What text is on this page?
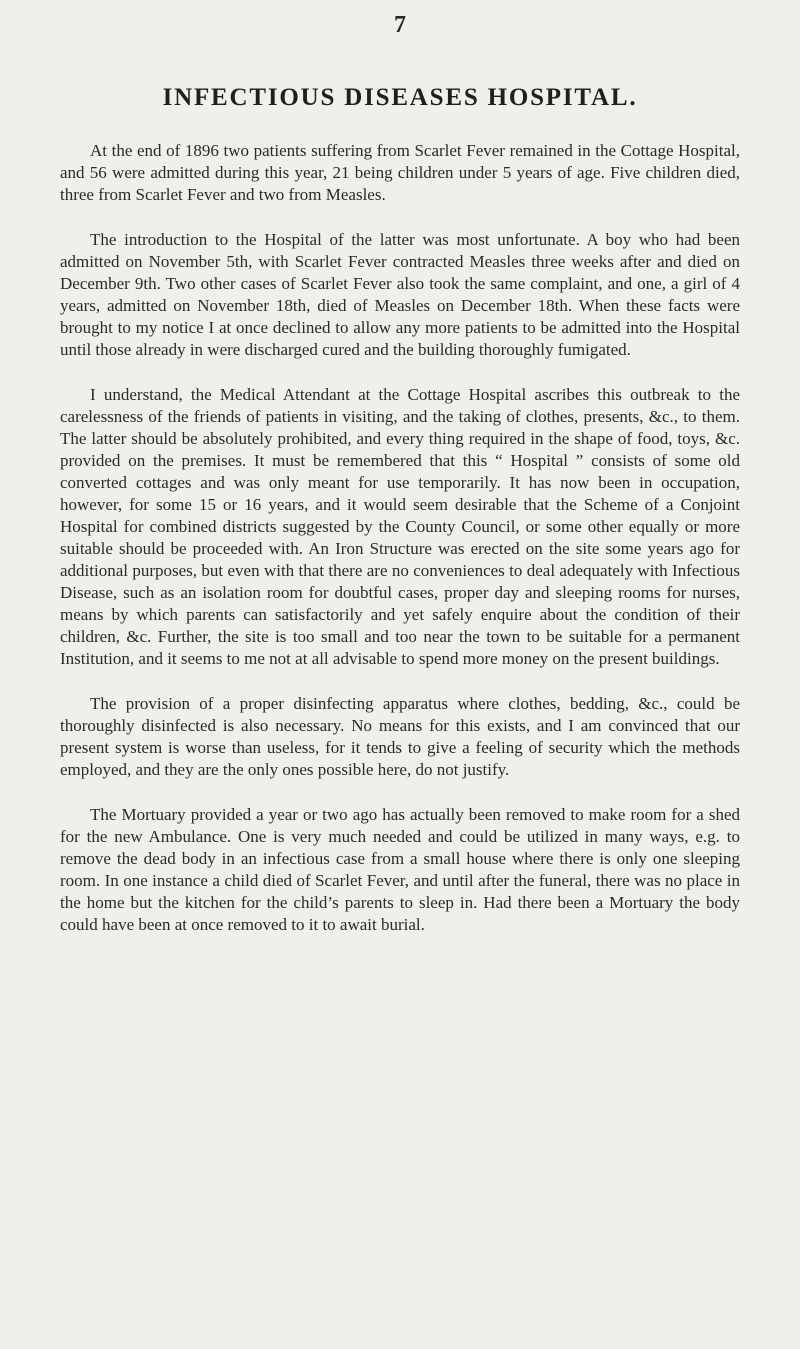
7
INFECTIOUS DISEASES HOSPITAL.

At the end of 1896 two patients suffering from Scarlet Fever remained in the Cottage Hospital, and 56 were admitted during this year, 21 being children under 5 years of age. Five children died, three from Scarlet Fever and two from Measles.

The introduction to the Hospital of the latter was most unfortunate. A boy who had been admitted on November 5th, with Scarlet Fever contracted Measles three weeks after and died on December 9th. Two other cases of Scarlet Fever also took the same complaint, and one, a girl of 4 years, admitted on November 18th, died of Measles on December 18th. When these facts were brought to my notice I at once declined to allow any more patients to be admitted into the Hospital until those already in were discharged cured and the building thoroughly fumigated.

I understand, the Medical Attendant at the Cottage Hospital ascribes this outbreak to the carelessness of the friends of patients in visiting, and the taking of clothes, presents, &c., to them. The latter should be absolutely prohibited, and every thing required in the shape of food, toys, &c. provided on the premises. It must be remembered that this “ Hospital ” consists of some old converted cottages and was only meant for use temporarily. It has now been in occupation, however, for some 15 or 16 years, and it would seem desirable that the Scheme of a Conjoint Hospital for combined districts suggested by the County Council, or some other equally or more suitable should be proceeded with. An Iron Structure was erected on the site some years ago for additional purposes, but even with that there are no conveniences to deal adequately with Infectious Disease, such as an isolation room for doubtful cases, proper day and sleeping rooms for nurses, means by which parents can satisfactorily and yet safely enquire about the condition of their children, &c. Further, the site is too small and too near the town to be suitable for a permanent Institution, and it seems to me not at all advisable to spend more money on the present buildings.

The provision of a proper disinfecting apparatus where clothes, bedding, &c., could be thoroughly disinfected is also necessary. No means for this exists, and I am convinced that our present system is worse than useless, for it tends to give a feeling of security which the methods employed, and they are the only ones possible here, do not justify.

The Mortuary provided a year or two ago has actually been removed to make room for a shed for the new Ambulance. One is very much needed and could be utilized in many ways, e.g. to remove the dead body in an infectious case from a small house where there is only one sleeping room. In one instance a child died of Scarlet Fever, and until after the funeral, there was no place in the home but the kitchen for the child’s parents to sleep in. Had there been a Mortuary the body could have been at once removed to it to await burial.
